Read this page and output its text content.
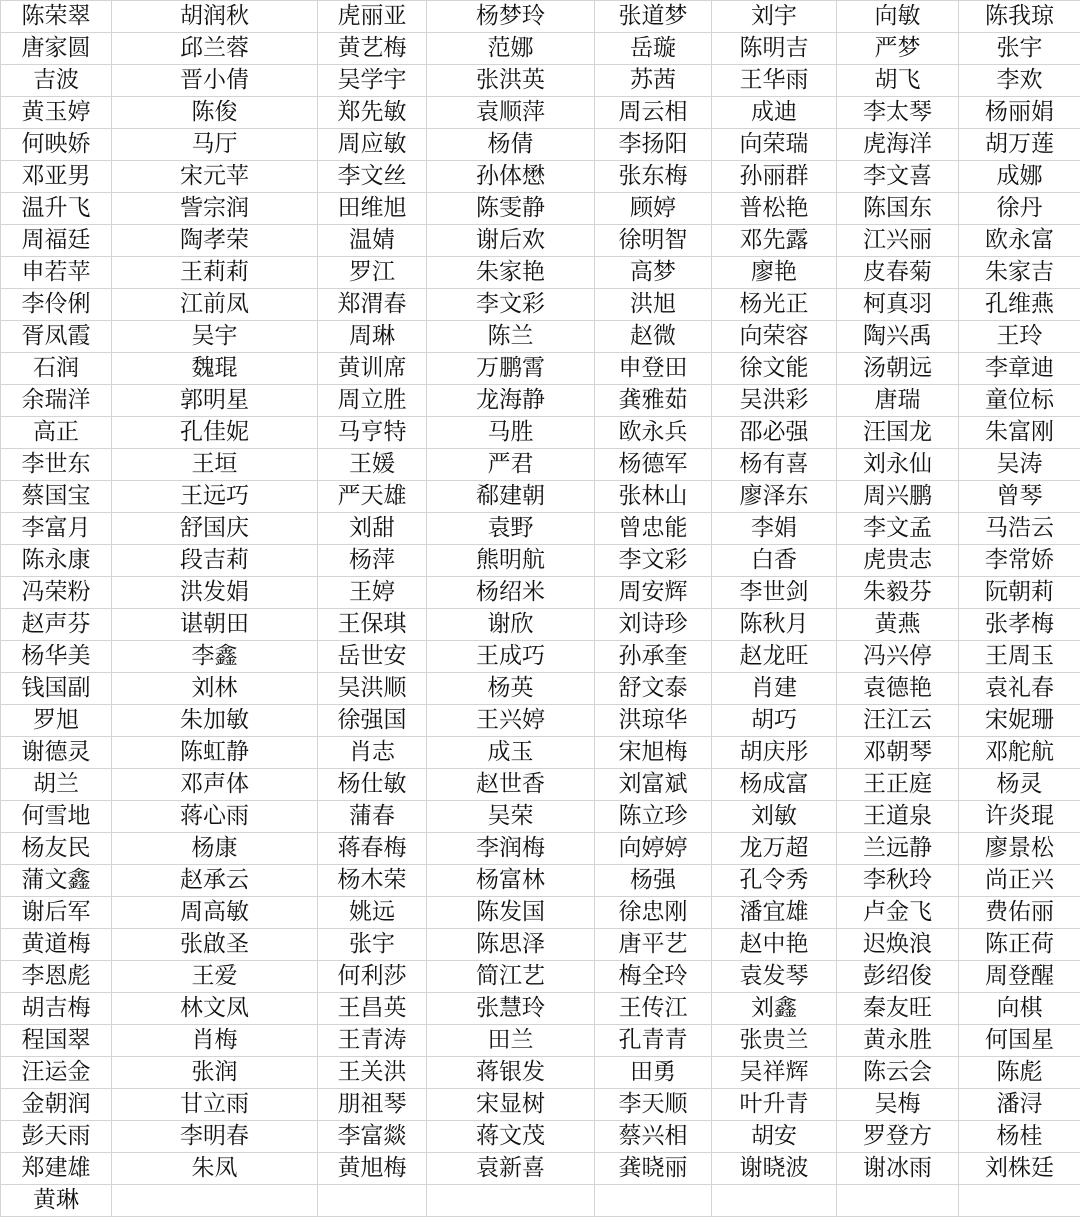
陈荣翠	胡润秋	虎丽亚	杨梦玲	张道梦	刘宇	向敏	陈我琼
唐家圆	邱兰蓉	黄艺梅	范娜	岳璇	陈明吉	严梦	张宇
吉波	晋小倩	吴学宇	张洪英	苏茜	王华雨	胡飞	李欢
黄玉婷	陈俊	郑先敏	袁顺萍	周云相	成迪	李太琴	杨丽娟
何映娇	马厅	周应敏	杨倩	李扬阳	向荣瑞	虎海洋	胡万莲
邓亚男	宋元苹	李文丝	孙体懋	张东梅	孙丽群	李文喜	成娜
温升飞	訾宗润	田维旭	陈雯静	顾婷	普松艳	陈国东	徐丹
周福廷	陶孝荣	温婧	谢后欢	徐明智	邓先露	江兴丽	欧永富
申若苹	王莉莉	罗江	朱家艳	高梦	廖艳	皮春菊	朱家吉
李伶俐	江前凤	郑渭春	李文彩	洪旭	杨光正	柯真羽	孔维燕
胥凤霞	吴宇	周琳	陈兰	赵微	向荣容	陶兴禹	王玲
石润	魏琨	黄训席	万鹏霄	申登田	徐文能	汤朝远	李章迪
余瑞洋	郭明星	周立胜	龙海静	龚雅茹	吴洪彩	唐瑞	童位标
高正	孔佳妮	马亨特	马胜	欧永兵	邵必强	汪国龙	朱富刚
李世东	王垣	王媛	严君	杨德军	杨有喜	刘永仙	吴涛
蔡国宝	王远巧	严天雄	郗建朝	张林山	廖泽东	周兴鹏	曾琴
李富月	舒国庆	刘甜	袁野	曾忠能	李娟	李文孟	马浩云
陈永康	段吉莉	杨萍	熊明航	李文彩	白香	虎贵志	李常娇
冯荣粉	洪发娟	王婷	杨绍米	周安辉	李世剑	朱毅芬	阮朝莉
赵声芬	谌朝田	王保琪	谢欣	刘诗珍	陈秋月	黄燕	张孝梅
杨华美	李鑫	岳世安	王成巧	孙承奎	赵龙旺	冯兴停	王周玉
钱国副	刘林	吴洪顺	杨英	舒文泰	肖建	袁德艳	袁礼春
罗旭	朱加敏	徐强国	王兴婷	洪琼华	胡巧	汪江云	宋妮珊
谢德灵	陈虹静	肖志	成玉	宋旭梅	胡庆彤	邓朝琴	邓舵航
胡兰	邓声体	杨仕敏	赵世香	刘富斌	杨成富	王正庭	杨灵
何雪地	蒋心雨	蒲春	吴荣	陈立珍	刘敏	王道泉	许炎琨
杨友民	杨康	蒋春梅	李润梅	向婷婷	龙万超	兰远静	廖景松
蒲文鑫	赵承云	杨木荣	杨富林	杨强	孔令秀	李秋玲	尚正兴
谢后军	周高敏	姚远	陈发国	徐忠刚	潘宜雄	卢金飞	费佑丽
黄道梅	张啟圣	张宇	陈思泽	唐平艺	赵中艳	迟焕浪	陈正荷
李恩彪	王爱	何利莎	简江艺	梅全玲	袁发琴	彭绍俊	周登醒
胡吉梅	林文凤	王昌英	张慧玲	王传江	刘鑫	秦友旺	向棋
程国翠	肖梅	王青涛	田兰	孔青青	张贵兰	黄永胜	何国星
汪运金	张润	王关洪	蒋银发	田勇	吴祥辉	陈云会	陈彪
金朝润	甘立雨	朋祖琴	宋显树	李天顺	叶升青	吴梅	潘浔
彭天雨	李明春	李富燚	蒋文茂	蔡兴相	胡安	罗登方	杨桂
郑建雄	朱凤	黄旭梅	袁新喜	龚晓丽	谢晓波	谢冰雨	刘株廷
黄琳							
